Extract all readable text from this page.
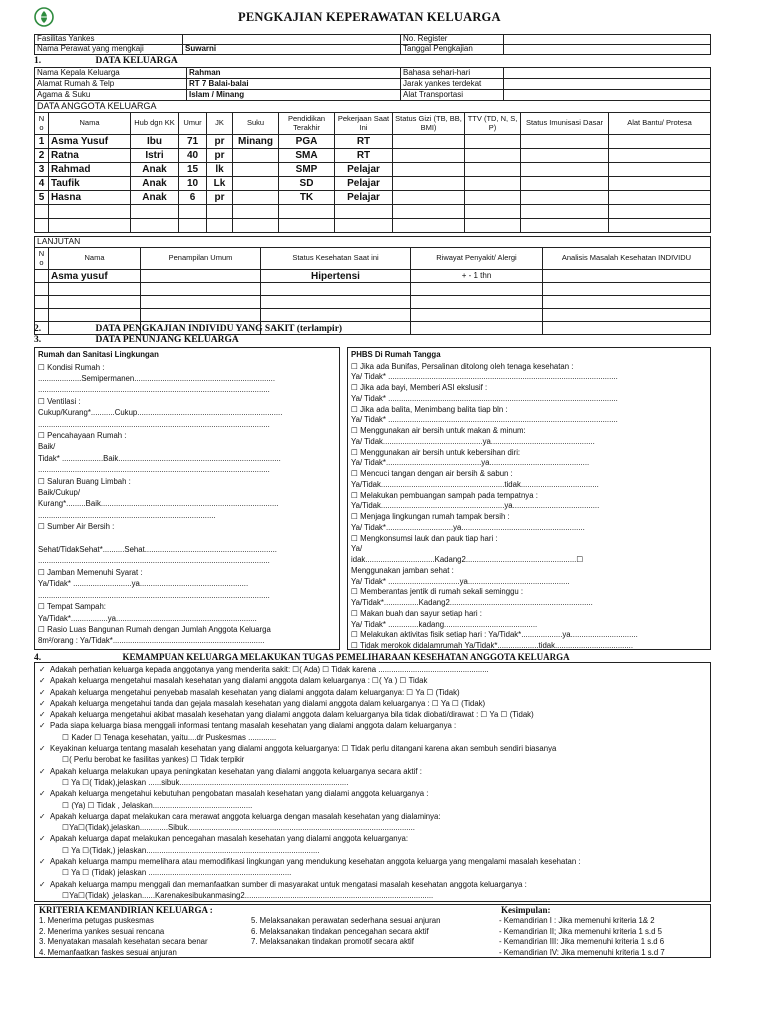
PENGKAJIAN KEPERAWATAN KELUARGA
Fasilitas Yankes		No. Register	
Nama Perawat yang mengkaji	Suwarni	Tanggal Pengkajian	
1.	DATA KELUARGA
Nama Kepala Keluarga	Rahman	Bahasa sehari-hari	
Alamat Rumah & Telp	RT 7 Balai-balai	Jarak yankes terdekat	
Agama & Suku	Islam / Minang	Alat Transportasi	
DATA ANGGOTA KELUARGA											
N o	Nama	Hub dgn KK	Umur	JK	Suku	Pendidikan Terakhir	Pekerjaan Saat Ini	Status Gizi (TB, BB, BMI)	TTV (TD, N, S, P)	Status Imunisasi Dasar	Alat Bantu/ Protesa
1	Asma Yusuf	Ibu	71	pr	Minang	PGA	RT				
2	Ratna	Istri	40	pr		SMA	RT				
3	Rahmad	Anak	15	lk		SMP	Pelajar				
4	Taufik	Anak	10	Lk		SD	Pelajar				
5	Hasna	Anak	6	pr		TK	Pelajar				

LANJUTAN					
N o	Nama	Penampilan Umum	Status Kesehatan Saat ini	Riwayat Penyakit/ Alergi	Analisis Masalah Kesehatan INDIVIDU
	Asma yusuf		Hipertensi	+ - 1 thn	

2.	DATA PENGKAJIAN INDIVIDU YANG SAKIT (terlampir)
3.	DATA PENUNJANG KELUARGA
Rumah dan Sanitasi Lingkungan
☐ Kondisi Rumah :
....................Semipermanen.................................................................
...........................................................................................................
☐ Ventilasi :
Cukup/Kurang*...........Cukup...................................................................
...........................................................................................................
☐ Pencahayaan Rumah :
Baik/
Tidak* ...................Baik...........................................................................
...........................................................................................................
☐ Saluran Buang Limbah :
Baik/Cukup/
Kurang*.........Baik..................................................................................
..................................................................................
☐ Sumber Air Bersih :
Sehat/TidakSehat*..........Sehat.............................................................
...........................................................................................................
☐ Jamban Memenuhi Syarat :
Ya/Tidak* ...........................ya..................................................
...........................................................................................................
☐ Tempat Sampah:
Ya/Tidak*.................ya.................................................................
☐ Rasio Luas Bangunan Rumah dengan Jumlah Anggota Keluarga
8m²/orang : Ya/Tidak*......................................................................
PHBS Di Rumah Tangga
☐ Jika ada Bunifas, Persalinan ditolong oleh tenaga kesehatan :
Ya/ Tidak* ..........................................................................................................
☐ Jika ada bayi, Memberi ASI ekslusif :
Ya/ Tidak* ..........................................................................................................
☐ Jika ada balita, Menimbang balita tiap bln :
Ya/ Tidak* ..........................................................................................................
☐ Menggunakan air bersih untuk makan & minum:
Ya/ Tidak..............................................ya................................................
☐ Menggunakan air bersih untuk kebersihan diri:
Ya/ Tidak*............................................ya..............................................
☐ Mencuci tangan dengan air bersih & sabun :
Ya/Tidak.........................................................tidak....................................
☐ Melakukan pembuangan sampah pada tempatnya :
Ya/Tidak.........................................................ya........................................
☐ Menjaga lingkungan rumah tampak bersih :
Ya/ Tidak*...............................ya.........................................................
☐ Mengkonsumsi lauk dan pauk tiap hari :
Ya/
idak................................Kadang2...................................................☐
Menggunakan jamban sehat :
Ya/ Tidak* .................................ya...............................................
☐ Memberantas jentik di rumah sekali seminggu :
Ya/Tidak*................Kadang2..................................................................
☐ Makan buah dan sayur setiap hari :
Ya/ Tidak* ..............kadang...........................................
☐ Melakukan aktivitas fisik setiap hari : Ya/Tidak*...................ya...............................
☐ Tidak merokok didalamrumah Ya/Tidak*...................tidak....................................
4.	KEMAMPUAN KELUARGA MELAKUKAN TUGAS PEMELIHARAAN KESEHATAN ANGGOTA KELUARGA
✓ Adakah perhatian keluarga kepada anggotanya yang menderita sakit: ☐( Ada) ☐ Tidak karena ...................................................
✓ Apakah keluarga mengetahui masalah kesehatan yang dialami anggota dalam keluarganya : ☐( Ya ) ☐ Tidak
✓ Apakah keluarga mengetahui penyebab masalah kesehatan yang dialami anggota dalam keluarganya: ☐ Ya ☐ (Tidak)
✓ Apakah keluarga mengetahui tanda dan gejala masalah kesehatan yang dialami anggota dalam keluarganya : ☐ Ya ☐ (Tidak)
✓ Apakah keluarga mengetahui akibat masalah kesehatan yang dialami anggota dalam keluarganya bila tidak diobati/dirawat : ☐ Ya ☐ (Tidak)
✓ Pada siapa keluarga biasa menggali informasi tentang masalah kesehatan yang dialami anggota dalam keluarganya :
☐ Kader ☐ Tenaga kesehatan, yaitu....dr Puskesmas .............
✓ Keyakinan keluarga tentang masalah kesehatan yang dialami anggota keluarganya: ☐ Tidak perlu ditangani karena akan sembuh sendiri biasanya
☐( Perlu berobat ke fasilitas yankes) ☐ Tidak terpikir
✓ Apakah keluarga melakukan upaya peningkatan kesehatan yang dialami anggota keluarganya secara aktif :
☐ Ya ☐( Tidak),jelaskan ......sibuk..............................................................................
✓ Apakah keluarga mengetahui kebutuhan pengobatan masalah kesehatan yang dialami anggota keluarganya :
☐ (Ya) ☐ Tidak , Jelaskan..............................................
✓ Apakah keluarga dapat melakukan cara merawat anggota keluarga dengan masalah kesehatan yang dialaminya:
☐Ya☐(Tidak),jelaskan.............Sibuk.........................................................................................................
✓ Apakah keluarga dapat melakukan pencegahan masalah kesehatan yang dialami anggota keluarganya:
☐ Ya ☐(Tidak,) jelaskan................................................................................
✓ Apakah keluarga mampu memelihara atau memodifikasi lingkungan yang mendukung kesehatan anggota keluarga yang mengalami masalah kesehatan :
☐ Ya ☐ (Tidak) jelaskan ..................................................................
✓ Apakah keluarga mampu menggali dan memanfaatkan sumber di masyarakat untuk mengatasi masalah kesehatan anggota keluarganya :
☐Ya☐(Tidak) ,jelaskan......Karenakesibukanmasing2.......................................................................................
KRITERIA KEMANDIRIAN KELUARGA :
1. Menerima petugas puskesmas
2. Menerima yankes sesuai rencana
3. Menyatakan masalah kesehatan secara benar
4. Memanfaatkan faskes sesuai anjuran
5. Melaksanakan perawatan sederhana sesuai anjuran
6. Melaksanakan tindakan pencegahan secara aktif
7. Melaksanakan tindakan promotif secara aktif
Kesimpulan:
- Kemandirian I : Jika memenuhi kriteria 1& 2
- Kemandirian II; Jika memenuhi kriteria 1 s.d 5
- Kemandirian III: Jika memenuhi kriteria 1 s.d 6
- Kemandirian IV: Jika memenuhi kriteria 1 s.d 7
